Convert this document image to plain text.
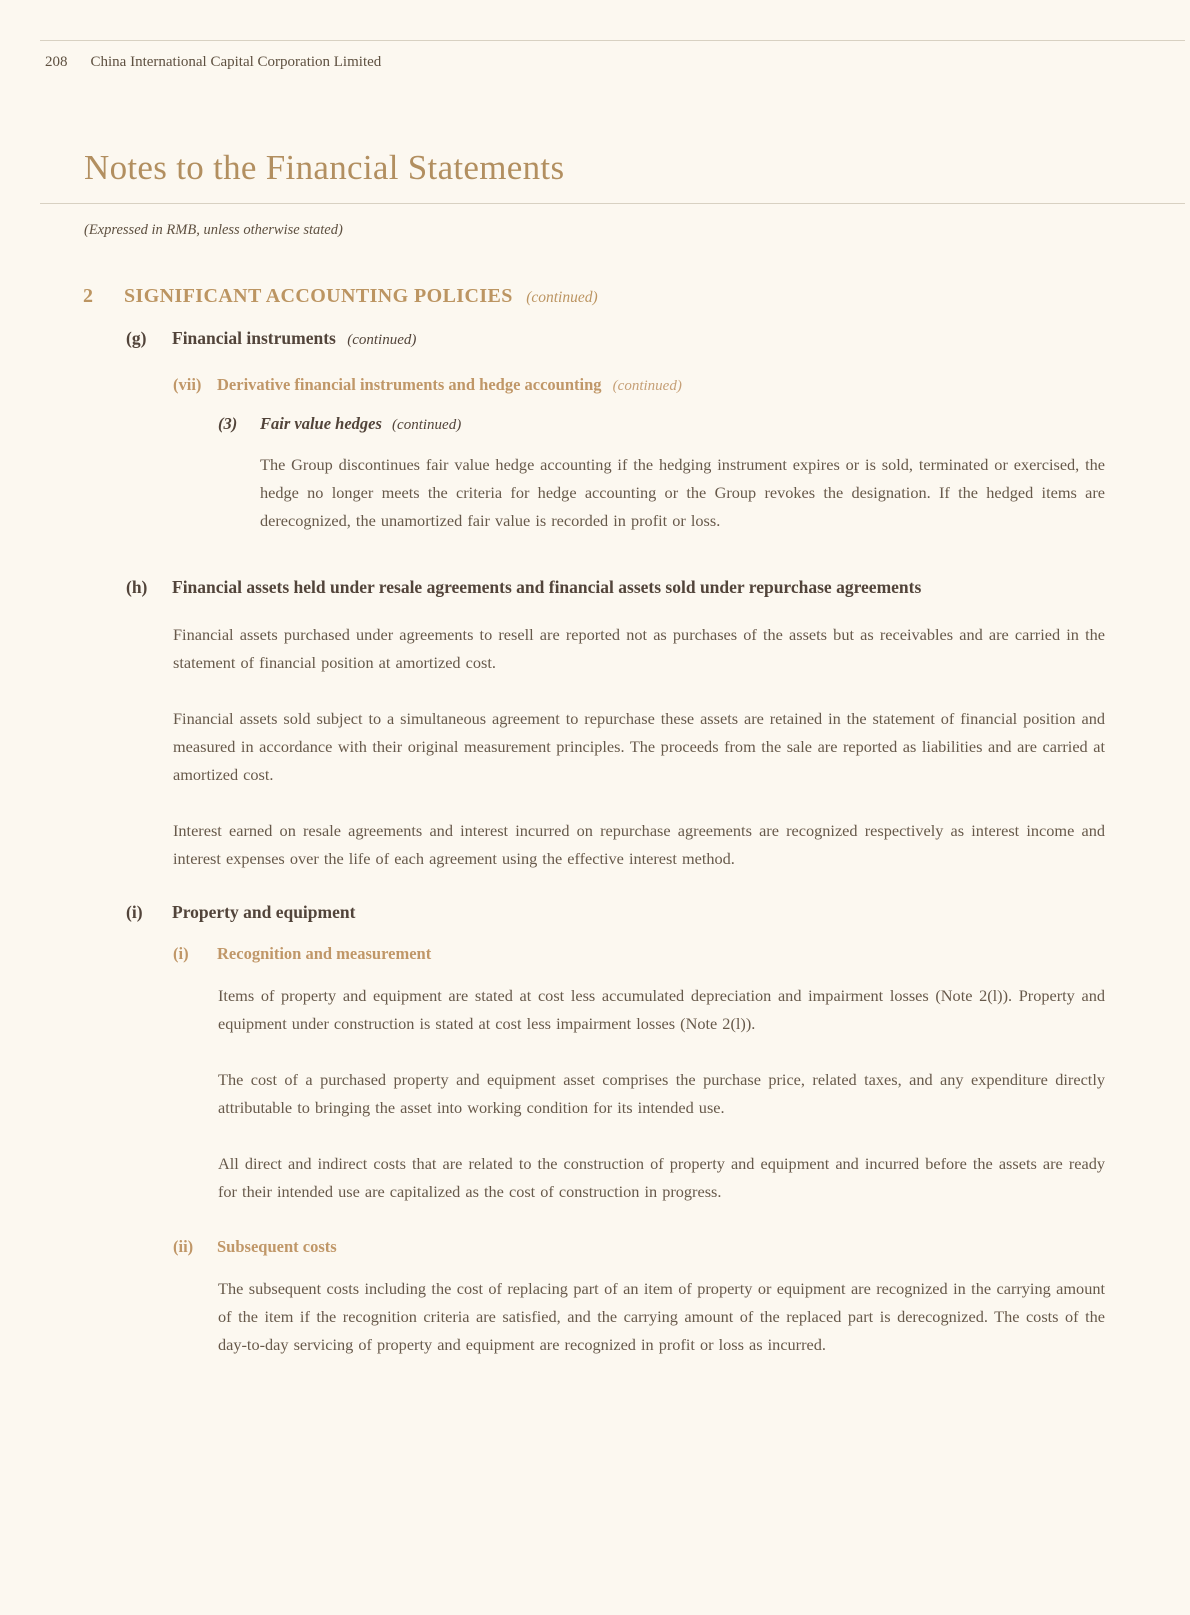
208 China International Capital Corporation Limited
Notes to the Financial Statements
(Expressed in RMB, unless otherwise stated)
2	SIGNIFICANT ACCOUNTING POLICIES (continued)
(g)	Financial instruments (continued)
(vii) Derivative financial instruments and hedge accounting (continued)
(3)	Fair value hedges (continued)
The Group discontinues fair value hedge accounting if the hedging instrument expires or is sold, terminated or exercised, the hedge no longer meets the criteria for hedge accounting or the Group revokes the designation. If the hedged items are derecognized, the unamortized fair value is recorded in profit or loss.
(h)	Financial assets held under resale agreements and financial assets sold under repurchase agreements
Financial assets purchased under agreements to resell are reported not as purchases of the assets but as receivables and are carried in the statement of financial position at amortized cost.
Financial assets sold subject to a simultaneous agreement to repurchase these assets are retained in the statement of financial position and measured in accordance with their original measurement principles. The proceeds from the sale are reported as liabilities and are carried at amortized cost.
Interest earned on resale agreements and interest incurred on repurchase agreements are recognized respectively as interest income and interest expenses over the life of each agreement using the effective interest method.
(i)	Property and equipment
(i)	Recognition and measurement
Items of property and equipment are stated at cost less accumulated depreciation and impairment losses (Note 2(l)). Property and equipment under construction is stated at cost less impairment losses (Note 2(l)).
The cost of a purchased property and equipment asset comprises the purchase price, related taxes, and any expenditure directly attributable to bringing the asset into working condition for its intended use.
All direct and indirect costs that are related to the construction of property and equipment and incurred before the assets are ready for their intended use are capitalized as the cost of construction in progress.
(ii)	Subsequent costs
The subsequent costs including the cost of replacing part of an item of property or equipment are recognized in the carrying amount of the item if the recognition criteria are satisfied, and the carrying amount of the replaced part is derecognized. The costs of the day-to-day servicing of property and equipment are recognized in profit or loss as incurred.
